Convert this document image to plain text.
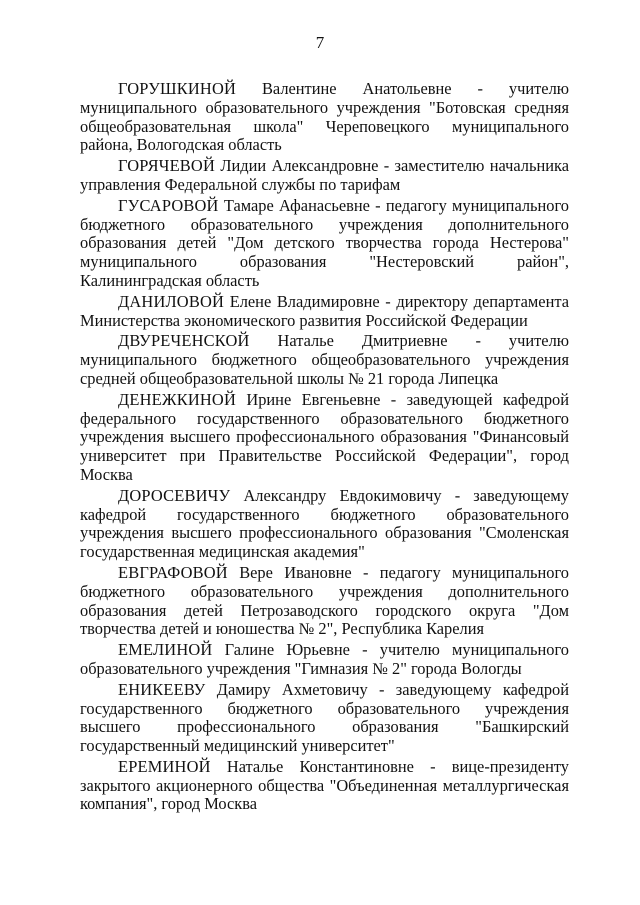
7

ГОРУШКИНОЙ Валентине Анатольевне - учителю муниципального образовательного учреждения "Ботовская средняя общеобразовательная школа" Череповецкого муниципального района, Вологодская область

ГОРЯЧЕВОЙ Лидии Александровне - заместителю начальника управления Федеральной службы по тарифам

ГУСАРОВОЙ Тамаре Афанасьевне - педагогу муниципального бюджетного образовательного учреждения дополнительного образования детей "Дом детского творчества города Нестерова" муниципального образования "Нестеровский район", Калининградская область

ДАНИЛОВОЙ Елене Владимировне - директору департамента Министерства экономического развития Российской Федерации

ДВУРЕЧЕНСКОЙ Наталье Дмитриевне - учителю муниципального бюджетного общеобразовательного учреждения средней общеобразовательной школы № 21 города Липецка

ДЕНЕЖКИНОЙ Ирине Евгеньевне - заведующей кафедрой федерального государственного образовательного бюджетного учреждения высшего профессионального образования "Финансовый университет при Правительстве Российской Федерации", город Москва

ДОРОСЕВИЧУ Александру Евдокимовичу - заведующему кафедрой государственного бюджетного образовательного учреждения высшего профессионального образования "Смоленская государственная медицинская академия"

ЕВГРАФОВОЙ Вере Ивановне - педагогу муниципального бюджетного образовательного учреждения дополнительного образования детей Петрозаводского городского округа "Дом творчества детей и юношества № 2", Республика Карелия

ЕМЕЛИНОЙ Галине Юрьевне - учителю муниципального образовательного учреждения "Гимназия № 2" города Вологды

ЕНИКЕЕВУ Дамиру Ахметовичу - заведующему кафедрой государственного бюджетного образовательного учреждения высшего профессионального образования "Башкирский государственный медицинский университет"

ЕРЕМИНОЙ Наталье Константиновне - вице-президенту закрытого акционерного общества "Объединенная металлургическая компания", город Москва
